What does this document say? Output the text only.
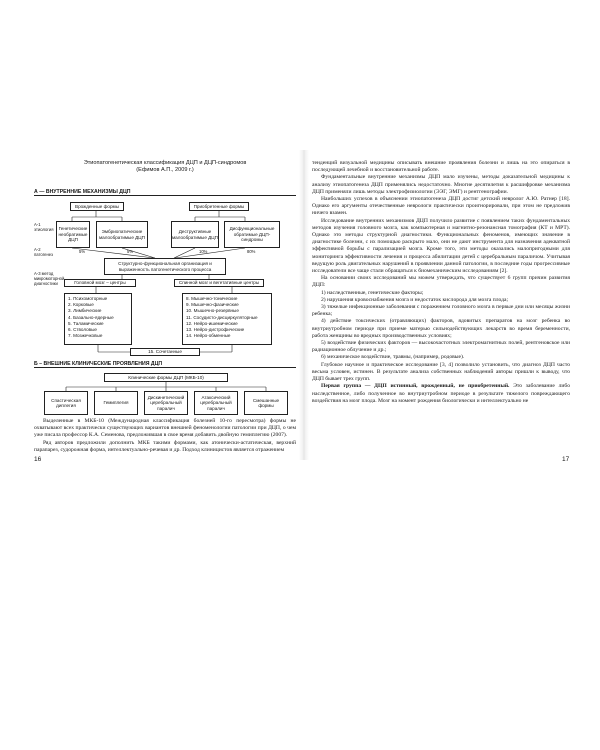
Этиопатогенетическая классификация ДЦП и ДЦП-синдромов

(Ефимов А.П., 2009 г.)

А — ВНУТРЕННИЕ МЕХАНИЗМЫ ДЦП

А-1
этиология
А-2
патогенез
А-3 метод
микромоторной
диагностики
Врожденные формы	Приобретенные формы
Генетические необратимые ДЦП
Эмбриопатические малообратимые ДЦП
Деструктивные малообратимые ДЦП
Дисфункциональные обратимые ДЦП-синдромы
5%	5%	10%	80%
Структурно-функциональная организация и выраженность патогенетического процесса
Головной мозг – центры	Спинной мозг и вегетативные центры
1. Психомоторные
2. Корковые
3. Лимбические
4. Базально-ядерные
5. Таламические
6. Стволовые
7. Мозжечковые
8. Мышечно-тонические
9. Мышечно-фазические
10. Мышечно-резервные
11. Сосудисто-дисциркуляторные
12. Нейро-ишемические
13. Нейро-дистрофические
14. Нейро-обменные
15. Сочетанные

Б – ВНЕШНИЕ КЛИНИЧЕСКИЕ ПРОЯВЛЕНИЯ ДЦП

Клинические формы ДЦП (МКБ-10)
Спастическая диплегия
Гемиплегия
Дискинетический церебральный паралич
Атаксический церебральный паралич
Смешанные формы

Выделенные в МКБ-10 (Международная классификация болезней 10-го пересмотра) формы не охватывают всех практически существующих вариантов внешней феноменологии патологии при ДЦП, о чем уже писала профессор К.А. Семенова, предложившая в свое время добавить двойную гемиплегию (2007).

Ряд авторов предложили дополнить МКБ такими формами, как атонически-астатическая, верхний парапарез, судорожная форма, интеллектуально-речевая и др. Подход клиницистов является отражением

16

тенденций визуальной медицины описывать внешние проявления болезни и лишь на это опираться в последующей лечебной и восстановительной работе.

Фундаментальные внутренние механизмы ДЦП мало изучены, методы доказательной медицины к анализу этиопатогенеза ДЦП применялись недостаточно. Многие десятилетия к расшифровке механизма ДЦП применяли лишь методы электрофизиологии (ЭЭГ, ЭМГ) и рентгенографии.

Наибольших успехов в объяснении этиопатогенеза ДЦП достиг детский невролог А.Ю. Ратнер [18]. Однако его аргументы отечественные неврологи практически проигнорировали, при этом не предложив ничего взамен.

Исследование внутренних механизмов ДЦП получило развитие с появлением таких фундаментальных методов изучения головного мозга, как компьютерная и магнитно-резонансная томография (КТ и МРТ). Однако это методы структурной диагностики. Функциональных феноменов, имеющих значение в диагностике болезни, с их помощью раскрыто мало, они не дают инструмента для назначения адекватной эффективной борьбы с парализацией мозга. Кроме того, эти методы оказались малопригодными для мониторинга эффективности лечения и процесса абилитации детей с церебральным параличом. Учитывая ведущую роль двигательных нарушений в проявлении данной патологии, в последние годы прогрессивные исследователи все чаще стали обращаться к биомеханическим исследованиям [2].

На основании своих исследований мы можем утверждать, что существует 6 групп причин развития ДЦП:

1) наследственные, генетические факторы;

2) нарушения кровоснабжения мозга и недостаток кислорода для мозга плода;

3) тяжелые инфекционные заболевания с поражением головного мозга в первые дни или месяцы жизни ребенка;

4) действие токсических (отравляющих) факторов, ядовитых препаратов на мозг ребенка во внутриутробном периоде при приеме матерью сильнодействующих лекарств во время беременности, работа женщины во вредных производственных условиях;

5) воздействие физических факторов — высокочастотных электромагнитных полей, рентгеновское или радиационное облучение и др.;

6) механическое воздействие, травмы, (например, родовые).

Глубокое научное и практическое исследование [3, 4] позволило установить, что диагноз ДЦП часто весьма условен, истинен. В результате анализа собственных наблюдений авторы пришли к выводу, что ДЦП бывает трех групп.

Первая группа — ДЦП истинный, врожденный, не приобретенный. Это заболевание либо наследственное, либо полученное во внутриутробном периоде в результате тяжелого повреждающего воздействия на мозг плода. Мозг на момент рождения биологически и интеллектуально не

17
